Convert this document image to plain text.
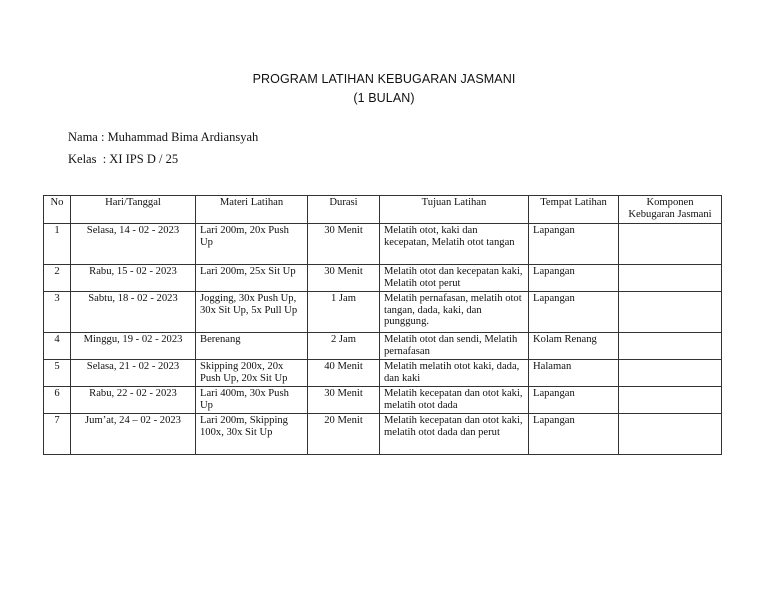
PROGRAM LATIHAN KEBUGARAN JASMANI
(1 BULAN)
Nama : Muhammad Bima Ardiansyah
Kelas  : XI IPS D / 25
No	Hari/Tanggal	Materi Latihan	Durasi	Tujuan Latihan	Tempat Latihan	Komponen Kebugaran Jasmani
1	Selasa, 14 - 02 - 2023	Lari 200m, 20x Push Up	30 Menit	Melatih otot, kaki dan kecepatan, Melatih otot tangan	Lapangan	
2	Rabu, 15 - 02 - 2023	Lari 200m, 25x Sit Up	30 Menit	Melatih otot dan kecepatan kaki, Melatih otot perut	Lapangan	
3	Sabtu, 18 - 02 - 2023	Jogging, 30x Push Up, 30x Sit Up, 5x Pull Up	1 Jam	Melatih pernafasan, melatih otot tangan, dada, kaki, dan punggung.	Lapangan	
4	Minggu, 19 - 02 - 2023	Berenang	2 Jam	Melatih otot dan sendi, Melatih pernafasan	Kolam Renang	
5	Selasa, 21 - 02 - 2023	Skipping 200x, 20x Push Up, 20x Sit Up	40 Menit	Melatih melatih otot kaki, dada, dan kaki	Halaman	
6	Rabu, 22 - 02 - 2023	Lari 400m, 30x Push Up	30 Menit	Melatih kecepatan dan otot kaki, melatih otot dada	Lapangan	
7	Jum’at, 24 – 02 - 2023	Lari 200m, Skipping 100x, 30x Sit Up	20 Menit	Melatih kecepatan dan otot kaki, melatih otot dada dan perut	Lapangan	
